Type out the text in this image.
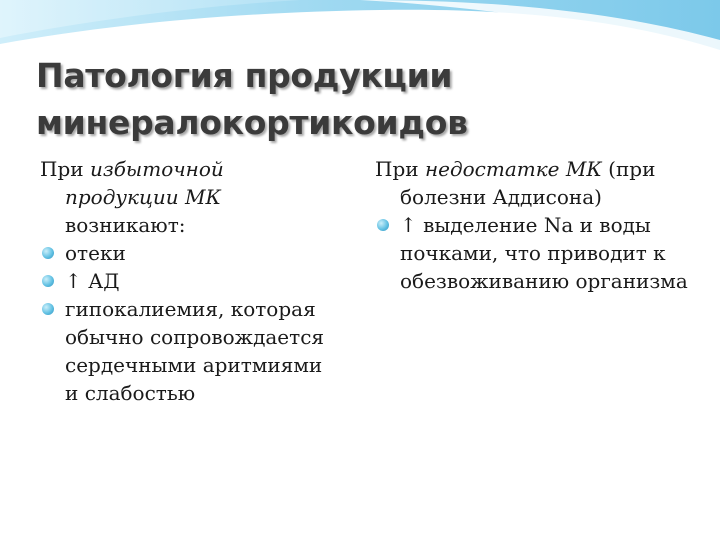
Патология продукции
минералокортикоидов

При избыточной
продукции МК
возникают:

отеки
↑ АД
гипокалиемия, которая обычно сопровождается сердечными аритмиями и слабостью

При недостатке МК (при болезни Аддисона)

↑ выделение Na и воды почками, что приводит к обезвоживанию организма
